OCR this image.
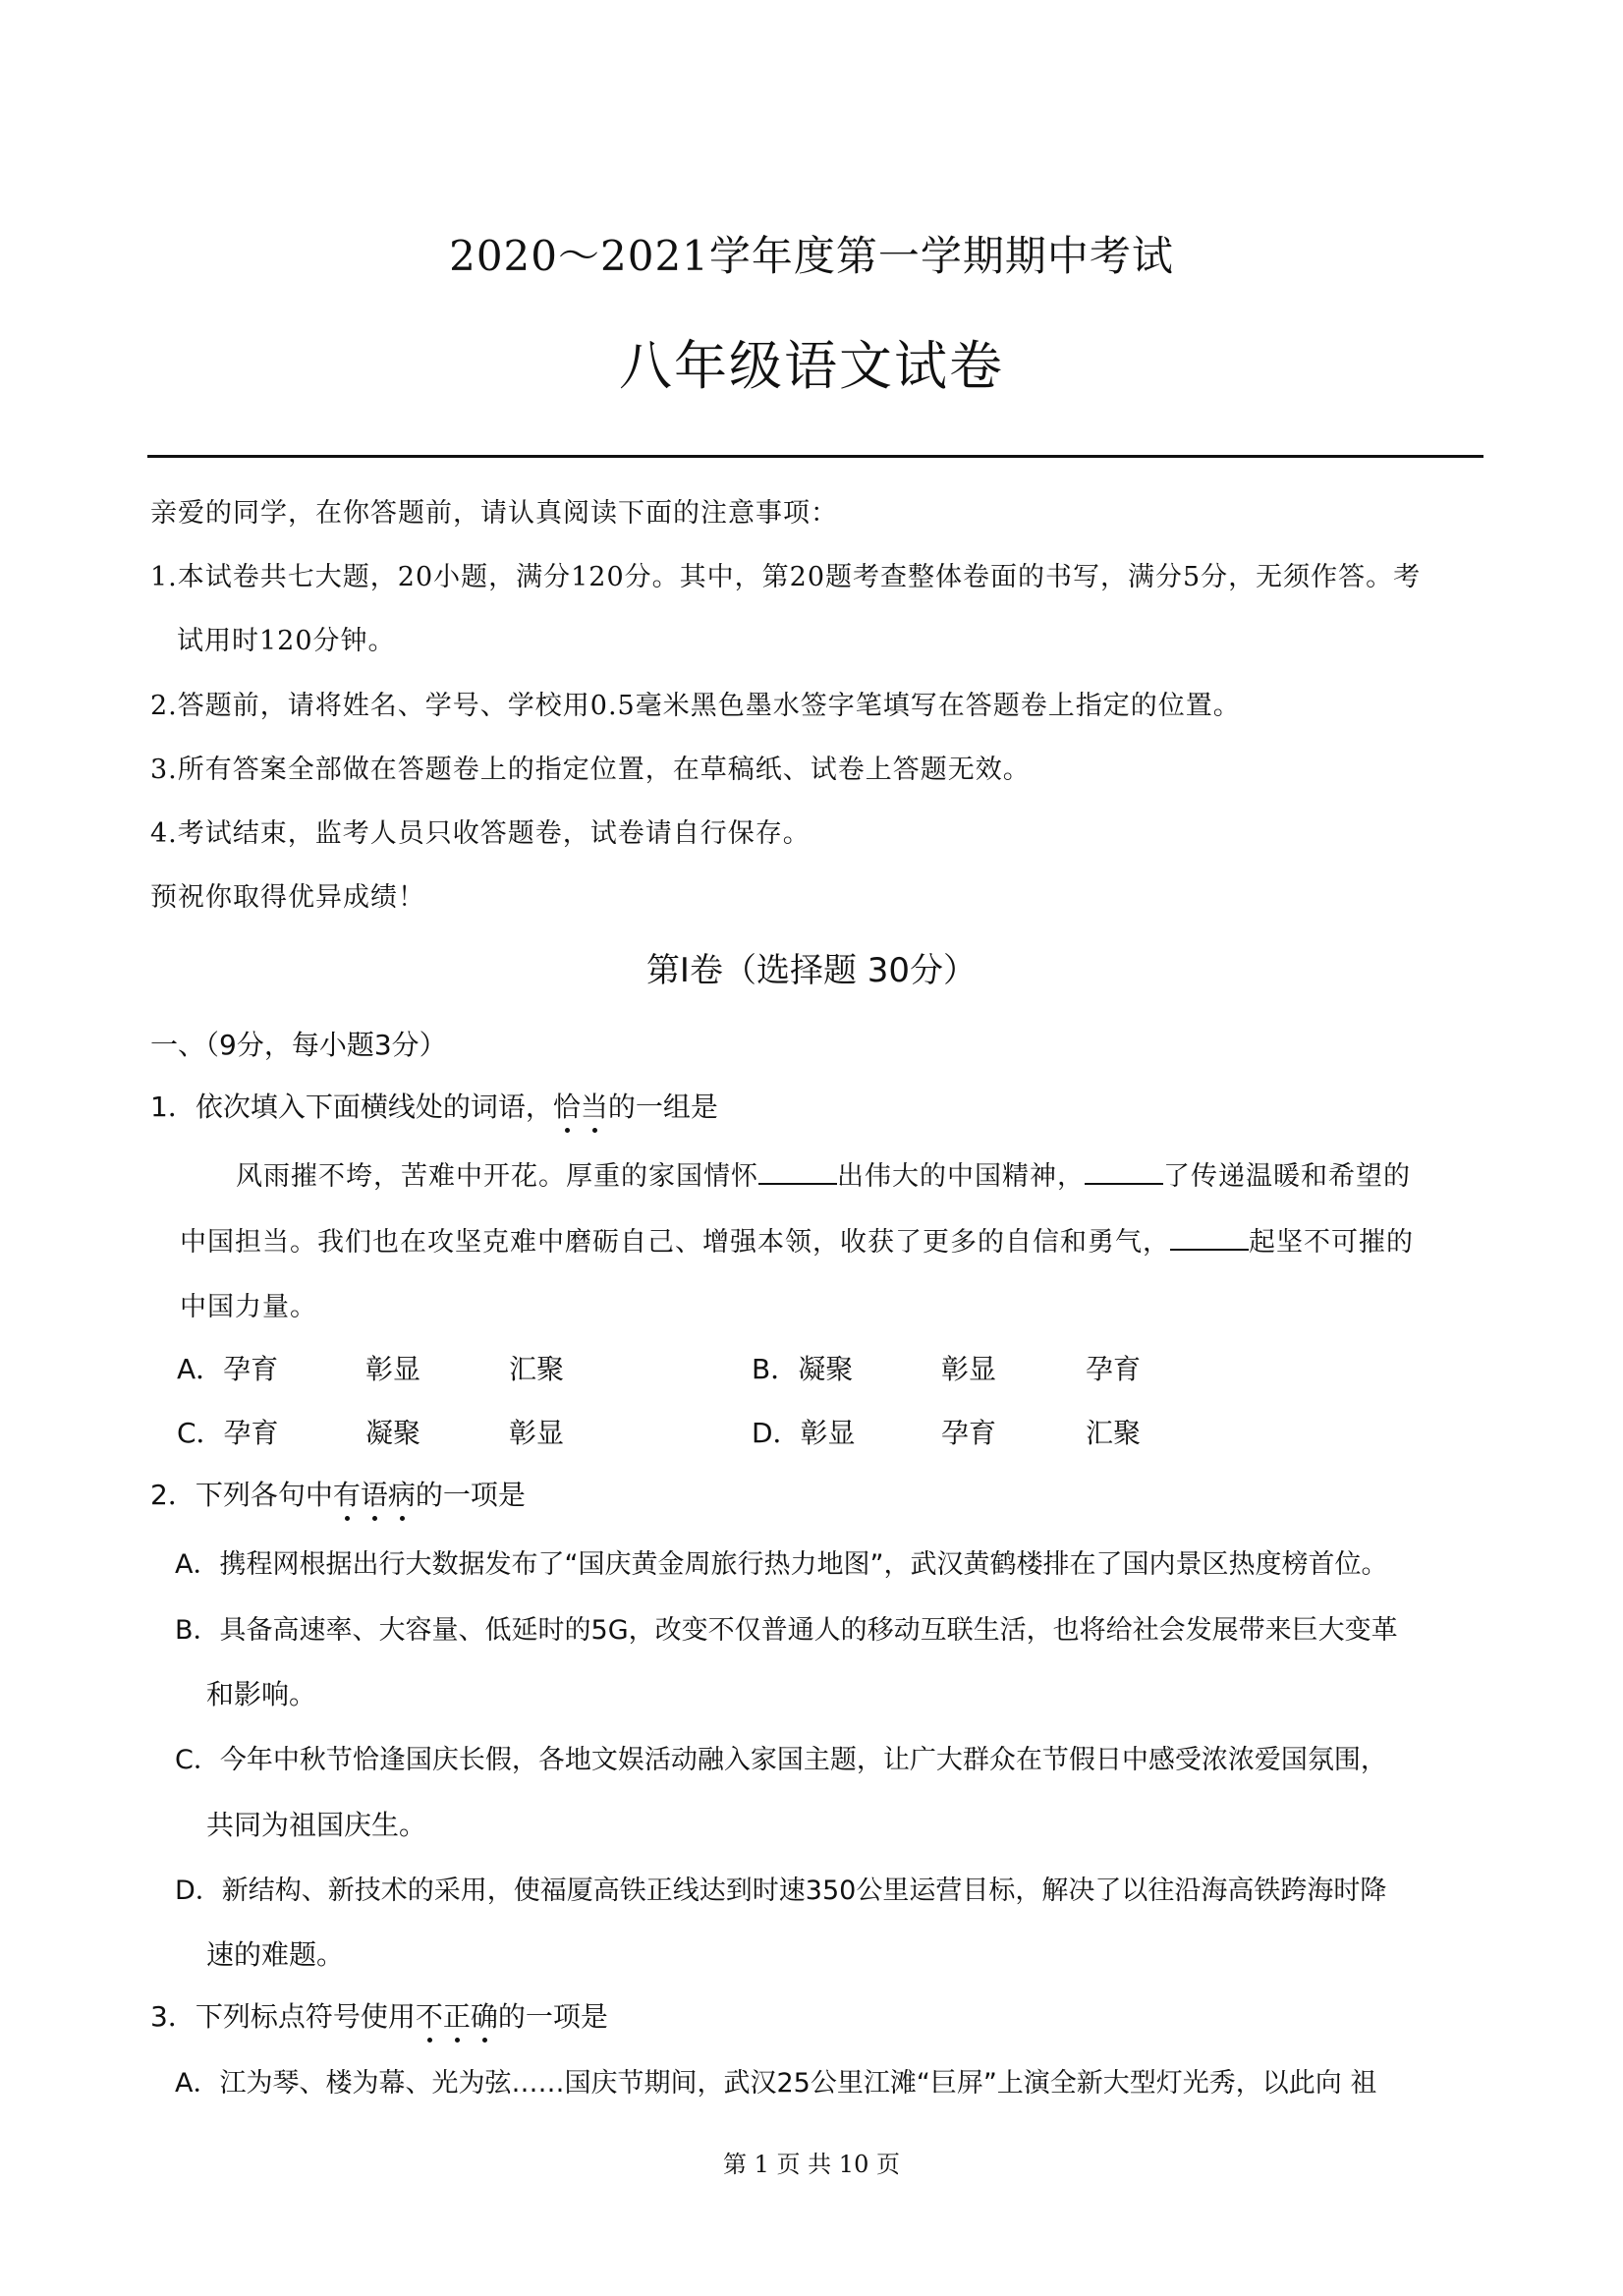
2020～2021学年度第一学期期中考试
八年级语文试卷
亲爱的同学，在你答题前，请认真阅读下面的注意事项：
1.本试卷共七大题，20小题，满分120分。其中，第20题考查整体卷面的书写，满分5分，无须作答。考
试用时120分钟。
2.答题前，请将姓名、学号、学校用0.5毫米黑色墨水签字笔填写在答题卷上指定的位置。
3.所有答案全部做在答题卷上的指定位置，在草稿纸、试卷上答题无效。
4.考试结束，监考人员只收答题卷，试卷请自行保存。
预祝你取得优异成绩！
第Ⅰ卷（选择题 30分）
一、（9分，每小题3分）
1．依次填入下面横线处的词语，恰当的一组是
风雨摧不垮，苦难中开花。厚重的家国情怀	出伟大的中国精神，	了传递温暖和希望的
中国担当。我们也在攻坚克难中磨砺自己、增强本领，收获了更多的自信和勇气，	起坚不可摧的
中国力量。
A．孕育	彰显	汇聚	B．凝聚	彰显	孕育
C．孕育	凝聚	彰显	D．彰显	孕育	汇聚
2．下列各句中有语病的一项是
A．携程网根据出行大数据发布了“国庆黄金周旅行热力地图”，武汉黄鹤楼排在了国内景区热度榜首位。
B．具备高速率、大容量、低延时的5G，改变不仅普通人的移动互联生活，也将给社会发展带来巨大变革
和影响。
C．今年中秋节恰逢国庆长假，各地文娱活动融入家国主题，让广大群众在节假日中感受浓浓爱国氛围，
共同为祖国庆生。
D．新结构、新技术的采用，使福厦高铁正线达到时速350公里运营目标，解决了以往沿海高铁跨海时降
速的难题。
3．下列标点符号使用不正确的一项是
A．江为琴、楼为幕、光为弦……国庆节期间，武汉25公里江滩“巨屏”上演全新大型灯光秀，以此向 祖
第 1 页 共 10 页
